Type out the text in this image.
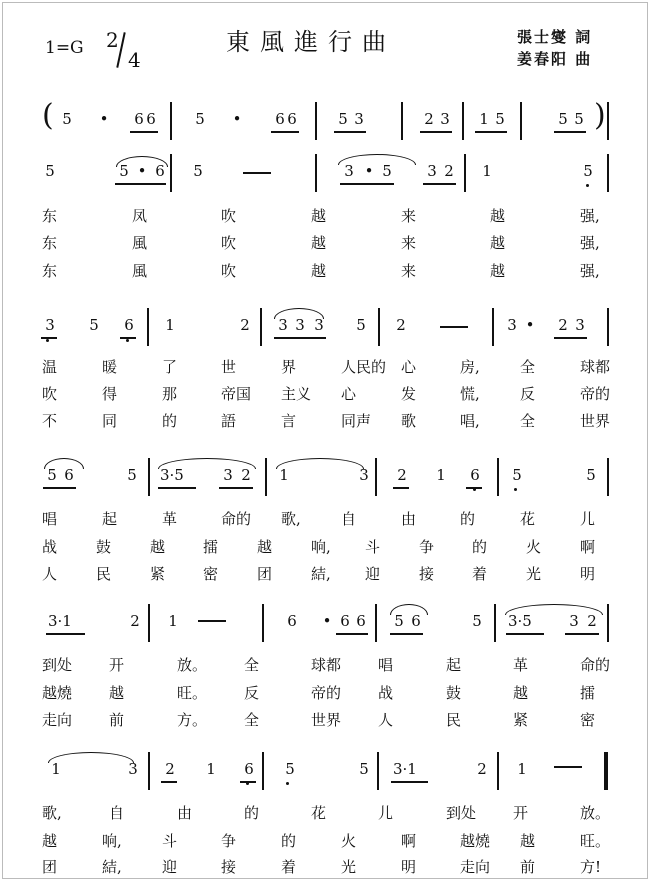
1=G 2
4
東風進行曲	張士燮 詞
姜春阳 曲
5 • 6 6	5 • 6 6	5 3	2 3 1 5	5 5
5	5 • 6 5	3 • 5 3 2 1	5
东	凤	吹	越	来	越	强,
东	風	吹	越	来	越	强,
东	風	吹	越	来	越	强,
3 5 6 1	2 3 3 3 5 2	3 • 2 3
温	暖	了	世	界	人民的 心	房,	全	球都
吹	得	那	帝国 主义 心	发	慌,	反	帝的
不	同	的	語	言	同声 歌	唱,	全	世界
5 6	5 3·5	3 2 1	3 2 1 6 5	5
唱	起	革	命的 歌,	自	由	的	花	儿
战	鼓	越	擂	越	响, 斗	争	的	火	啊
人	民	紧	密	团	結, 迎	接	着	光	明
3·1	2 1	6 • 6 6 5 6	5 3·5	3 2
到处 开	放。 全	球都 唱	起	革	命的
越燒 越	旺。 反	帝的 战	鼓	越	擂
走向 前	方。 全	世界 人	民	紧	密
1	3 2 1 6 5	5 3·1	2 1
歌,	自	由	的	花	儿	到处 开	放。
越	响,	斗	争	的	火	啊	越燒 越	旺。
团	結,	迎	接	着	光	明	走向 前	方!
(	)
